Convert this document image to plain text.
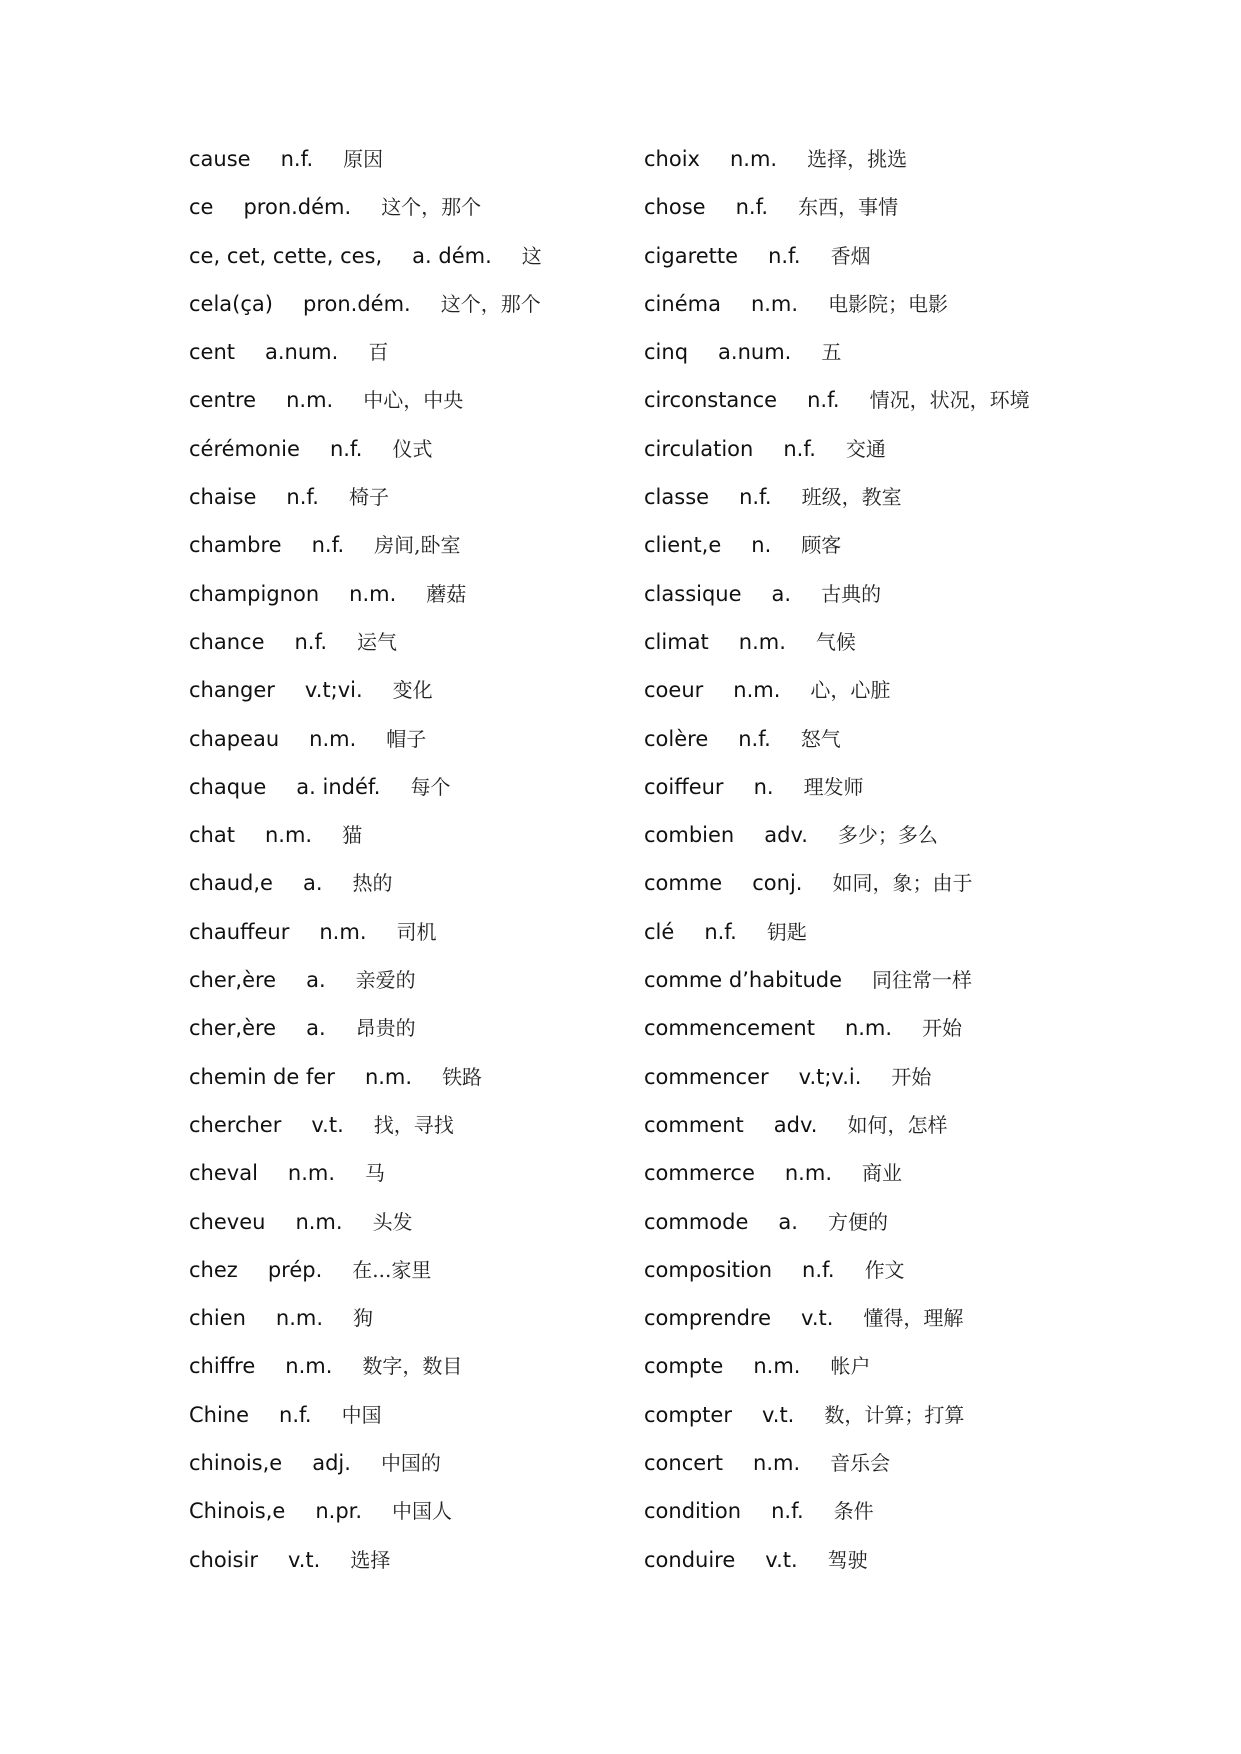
cause n.f. 原因
ce pron.dém. 这个，那个
ce, cet, cette, ces, a. dém. 这
cela(ça) pron.dém. 这个，那个
cent a.num. 百
centre n.m. 中心，中央
cérémonie n.f. 仪式
chaise n.f. 椅子
chambre n.f. 房间,卧室
champignon n.m. 蘑菇
chance n.f. 运气
changer v.t;vi. 变化
chapeau n.m. 帽子
chaque a. indéf. 每个
chat n.m. 猫
chaud,e a. 热的
chauffeur n.m. 司机
cher,ère a. 亲爱的
cher,ère a. 昂贵的
chemin de fer n.m. 铁路
chercher v.t. 找，寻找
cheval n.m. 马
cheveu n.m. 头发
chez prép. 在...家里
chien n.m. 狗
chiffre n.m. 数字，数目
Chine n.f. 中国
chinois,e adj. 中国的
Chinois,e n.pr. 中国人
choisir v.t. 选择
choix n.m. 选择，挑选
chose n.f. 东西，事情
cigarette n.f. 香烟
cinéma n.m. 电影院；电影
cinq a.num. 五
circonstance n.f. 情况，状况，环境
circulation n.f. 交通
classe n.f. 班级，教室
client,e n. 顾客
classique a. 古典的
climat n.m. 气候
coeur n.m. 心，心脏
colère n.f. 怒气
coiffeur n. 理发师
combien adv. 多少；多么
comme conj. 如同，象；由于
clé n.f. 钥匙
comme d’habitude 同往常一样
commencement n.m. 开始
commencer v.t;v.i. 开始
comment adv. 如何，怎样
commerce n.m. 商业
commode a. 方便的
composition n.f. 作文
comprendre v.t. 懂得，理解
compte n.m. 帐户
compter v.t. 数，计算；打算
concert n.m. 音乐会
condition n.f. 条件
conduire v.t. 驾驶
